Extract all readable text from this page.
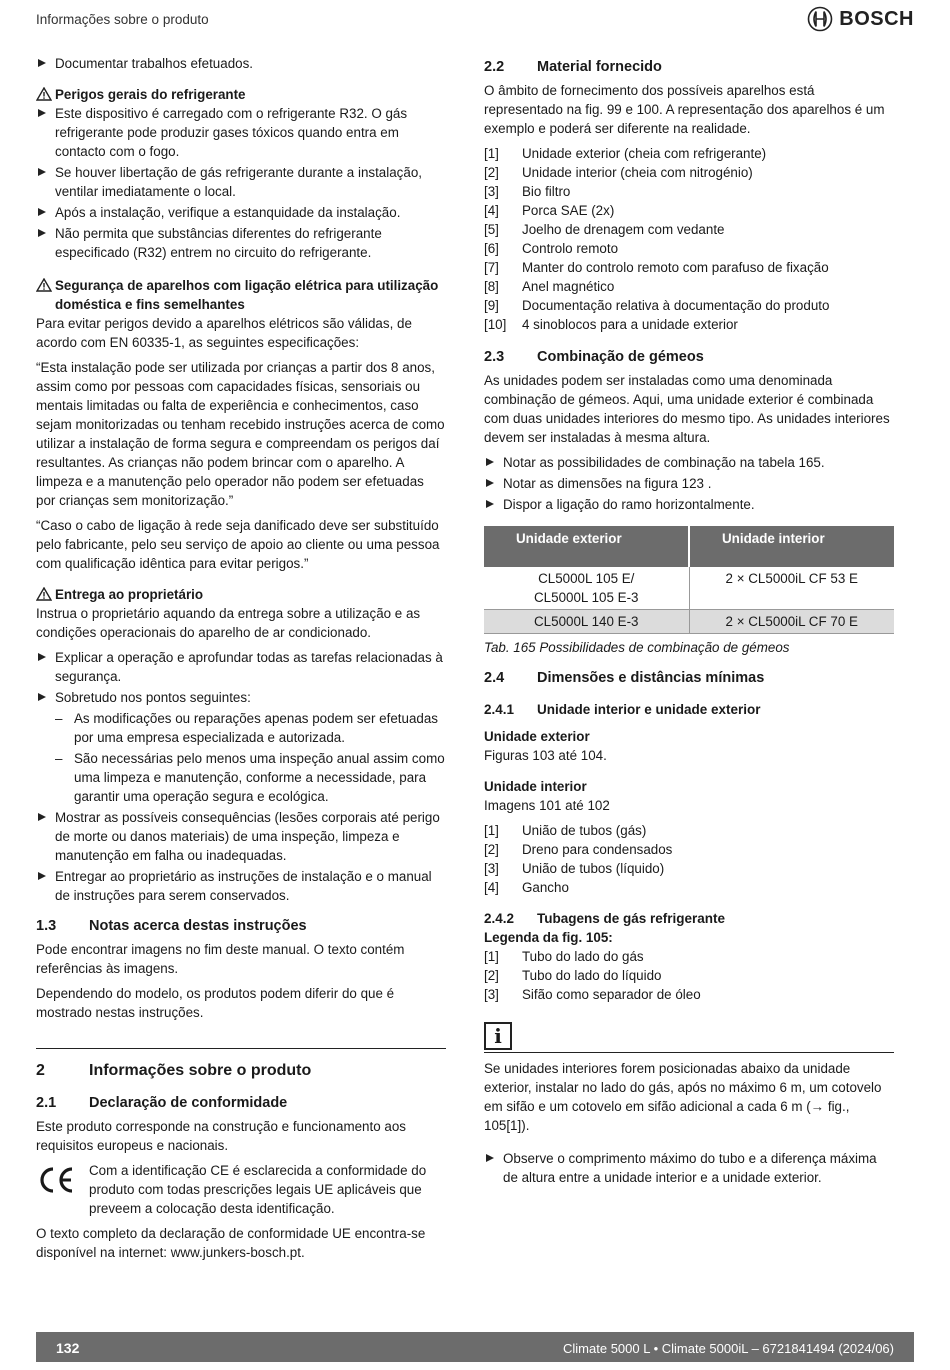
Informações sobre o produto	BOSCH
Documentar trabalhos efetuados.
Perigos gerais do refrigerante
Este dispositivo é carregado com o refrigerante R32. O gás refrigerante pode produzir gases tóxicos quando entra em contacto com o fogo.
Se houver libertação de gás refrigerante durante a instalação, ventilar imediatamente o local.
Após a instalação, verifique a estanquidade da instalação.
Não permita que substâncias diferentes do refrigerante especificado (R32) entrem no circuito do refrigerante.
Segurança de aparelhos com ligação elétrica para utilização doméstica e fins semelhantes

Para evitar perigos devido a aparelhos elétricos são válidas, de acordo com EN 60335-1, as seguintes especificações:

“Esta instalação pode ser utilizada por crianças a partir dos 8 anos, assim como por pessoas com capacidades físicas, sensoriais ou mentais limitadas ou falta de experiência e conhecimentos, caso sejam monitorizadas ou tenham recebido instruções acerca de como utilizar a instalação de forma segura e compreendam os perigos daí resultantes. As crianças não podem brincar com o aparelho. A limpeza e a manutenção pelo operador não podem ser efetuadas por crianças sem monitorização.”

“Caso o cabo de ligação à rede seja danificado deve ser substituído pelo fabricante, pelo seu serviço de apoio ao cliente ou uma pessoa com qualificação idêntica para evitar perigos.”

Entrega ao proprietário

Instrua o proprietário aquando da entrega sobre a utilização e as condições operacionais do aparelho de ar condicionado.

Explicar a operação e aprofundar todas as tarefas relacionadas à segurança.
Sobretudo nos pontos seguintes:
– As modificações ou reparações apenas podem ser efetuadas por uma empresa especializada e autorizada.
– São necessárias pelo menos uma inspeção anual assim como uma limpeza e manutenção, conforme a necessidade, para garantir uma operação segura e ecológica.
Mostrar as possíveis consequências (lesões corporais até perigo de morte ou danos materiais) de uma inspeção, limpeza e manutenção em falha ou inadequadas.
Entregar ao proprietário as instruções de instalação e o manual de instruções para serem conservados.
1.3	Notas acerca destas instruções

Pode encontrar imagens no fim deste manual. O texto contém referências às imagens.

Dependendo do modelo, os produtos podem diferir do que é mostrado nestas instruções.

2	Informações sobre o produto
2.1	Declaração de conformidade

Este produto corresponde na construção e funcionamento aos requisitos europeus e nacionais.

Com a identificação CE é esclarecida a conformidade do produto com todas prescrições legais UE aplicáveis que preveem a colocação desta identificação.

O texto completo da declaração de conformidade UE encontra-se disponível na internet: www.junkers-bosch.pt.

2.2	Material fornecido

O âmbito de fornecimento dos possíveis aparelhos está representado na fig. 99 e 100. A representação dos aparelhos é um exemplo e poderá ser diferente na realidade.

[1]	Unidade exterior (cheia com refrigerante)
[2]	Unidade interior (cheia com nitrogénio)
[3]	Bio filtro
[4]	Porca SAE (2x)
[5]	Joelho de drenagem com vedante
[6]	Controlo remoto
[7]	Manter do controlo remoto com parafuso de fixação
[8]	Anel magnético
[9]	Documentação relativa à documentação do produto
[10]	4 sinoblocos para a unidade exterior
2.3	Combinação de gémeos

As unidades podem ser instaladas como uma denominada combinação de gémeos. Aqui, uma unidade exterior é combinada com duas unidades interiores do mesmo tipo. As unidades interiores devem ser instaladas à mesma altura.

Notar as possibilidades de combinação na tabela 165.
Notar as dimensões na figura 123 .
Dispor a ligação do ramo horizontalmente.
Unidade exterior	Unidade interior

CL5000L 105 E/
CL5000L 105 E-3	2 × CL5000iL CF 53 E
CL5000L 140 E-3	2 × CL5000iL CF 70 E
Tab. 165 Possibilidades de combinação de gémeos
2.4	Dimensões e distâncias mínimas
2.4.1	Unidade interior e unidade exterior
Unidade exterior

Figuras 103 até 104.

Unidade interior

Imagens 101 até 102

[1]	União de tubos (gás)
[2]	Dreno para condensados
[3]	União de tubos (líquido)
[4]	Gancho
2.4.2	Tubagens de gás refrigerante
Legenda da fig. 105:
[1]	Tubo do lado do gás
[2]	Tubo do lado do líquido
[3]	Sifão como separador de óleo
i

Se unidades interiores forem posicionadas abaixo da unidade exterior, instalar no lado do gás, após no máximo 6 m, um cotovelo em sifão e um cotovelo em sifão adicional a cada 6 m (→ fig., 105[1]).

Observe o comprimento máximo do tubo e a diferença máxima de altura entre a unidade interior e a unidade exterior.
132	Climate 5000 L • Climate 5000iL – 6721841494 (2024/06)
